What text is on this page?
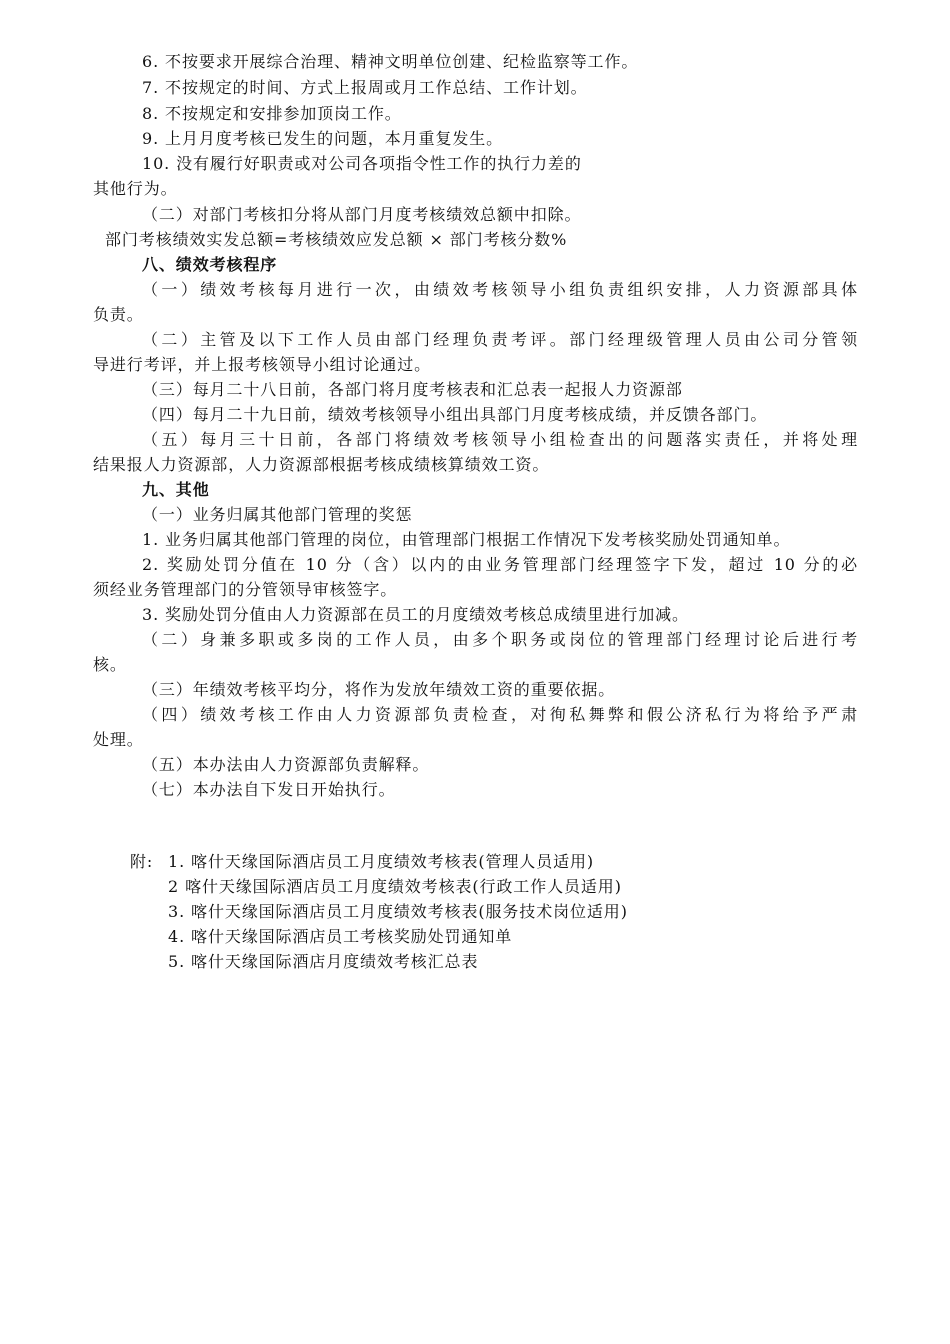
6. 不按要求开展综合治理、精神文明单位创建、纪检监察等工作。
7. 不按规定的时间、方式上报周或月工作总结、工作计划。
8. 不按规定和安排参加顶岗工作。
9. 上月月度考核已发生的问题，本月重复发生。
10. 没有履行好职责或对公司各项指令性工作的执行力差的
其他行为。
（二）对部门考核扣分将从部门月度考核绩效总额中扣除。
部门考核绩效实发总额=考核绩效应发总额 × 部门考核分数%
八、绩效考核程序
（一）绩效考核每月进行一次，由绩效考核领导小组负责组织安排，人力资源部具体
负责。
（二）主管及以下工作人员由部门经理负责考评。部门经理级管理人员由公司分管领
导进行考评，并上报考核领导小组讨论通过。
（三）每月二十八日前，各部门将月度考核表和汇总表一起报人力资源部
（四）每月二十九日前，绩效考核领导小组出具部门月度考核成绩，并反馈各部门。
（五）每月三十日前，各部门将绩效考核领导小组检查出的问题落实责任，并将处理
结果报人力资源部，人力资源部根据考核成绩核算绩效工资。
九、其他
（一）业务归属其他部门管理的奖惩
1. 业务归属其他部门管理的岗位，由管理部门根据工作情况下发考核奖励处罚通知单。
2. 奖励处罚分值在 10 分（含）以内的由业务管理部门经理签字下发，超过 10 分的必
须经业务管理部门的分管领导审核签字。
3. 奖励处罚分值由人力资源部在员工的月度绩效考核总成绩里进行加减。
（二）身兼多职或多岗的工作人员，由多个职务或岗位的管理部门经理讨论后进行考
核。
（三）年绩效考核平均分，将作为发放年绩效工资的重要依据。
（四）绩效考核工作由人力资源部负责检查，对徇私舞弊和假公济私行为将给予严肃
处理。
（五）本办法由人力资源部负责解释。
（七）本办法自下发日开始执行。
附: 1. 喀什天缘国际酒店员工月度绩效考核表(管理人员适用)
2 喀什天缘国际酒店员工月度绩效考核表(行政工作人员适用)
3. 喀什天缘国际酒店员工月度绩效考核表(服务技术岗位适用)
4. 喀什天缘国际酒店员工考核奖励处罚通知单
5. 喀什天缘国际酒店月度绩效考核汇总表
